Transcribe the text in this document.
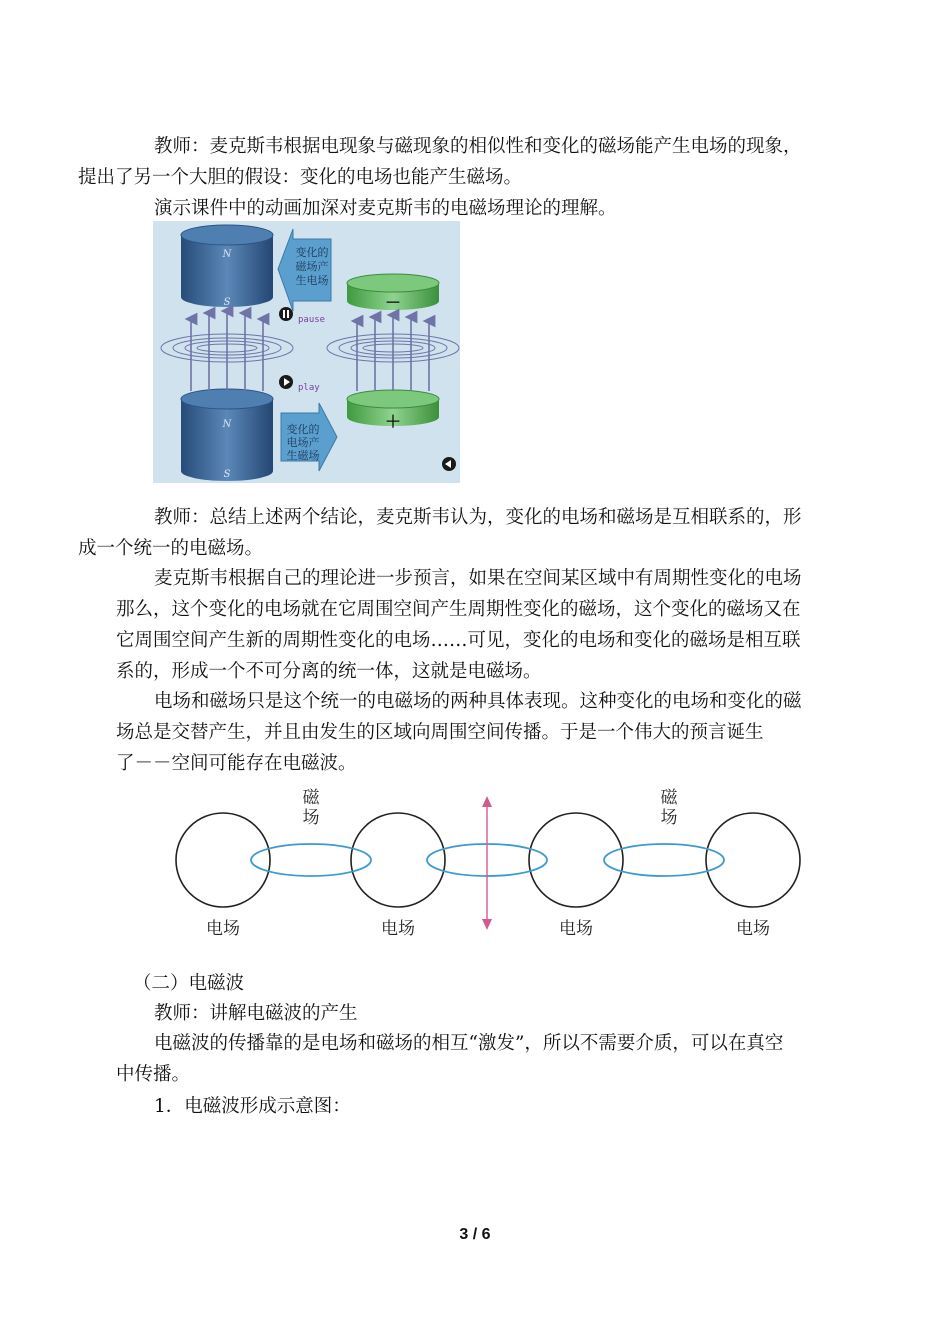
教师：麦克斯韦根据电现象与磁现象的相似性和变化的磁场能产生电场的现象，
提出了另一个大胆的假设：变化的电场也能产生磁场。

演示课件中的动画加深对麦克斯韦的电磁场理论的理解。

N
S
N
S
变化的
磁场产
生电场
变化的
电场产
生磁场
－
＋
pause
play

教师：总结上述两个结论，麦克斯韦认为，变化的电场和磁场是互相联系的，形
成一个统一的电磁场。

麦克斯韦根据自己的理论进一步预言，如果在空间某区域中有周期性变化的电场
那么，这个变化的电场就在它周围空间产生周期性变化的磁场，这个变化的磁场又在
它周围空间产生新的周期性变化的电场……可见，变化的电场和变化的磁场是相互联
系的，形成一个不可分离的统一体，这就是电磁场。

电场和磁场只是这个统一的电磁场的两种具体表现。这种变化的电场和变化的磁
场总是交替产生，并且由发生的区域向周围空间传播。于是一个伟大的预言诞生
了－－空间可能存在电磁波。

磁
场
磁
场
电场	电场	电场	电场

（二）电磁波

教师：讲解电磁波的产生

电磁波的传播靠的是电场和磁场的相互“激发”，所以不需要介质，可以在真空
中传播。

1．电磁波形成示意图：

3 / 6
